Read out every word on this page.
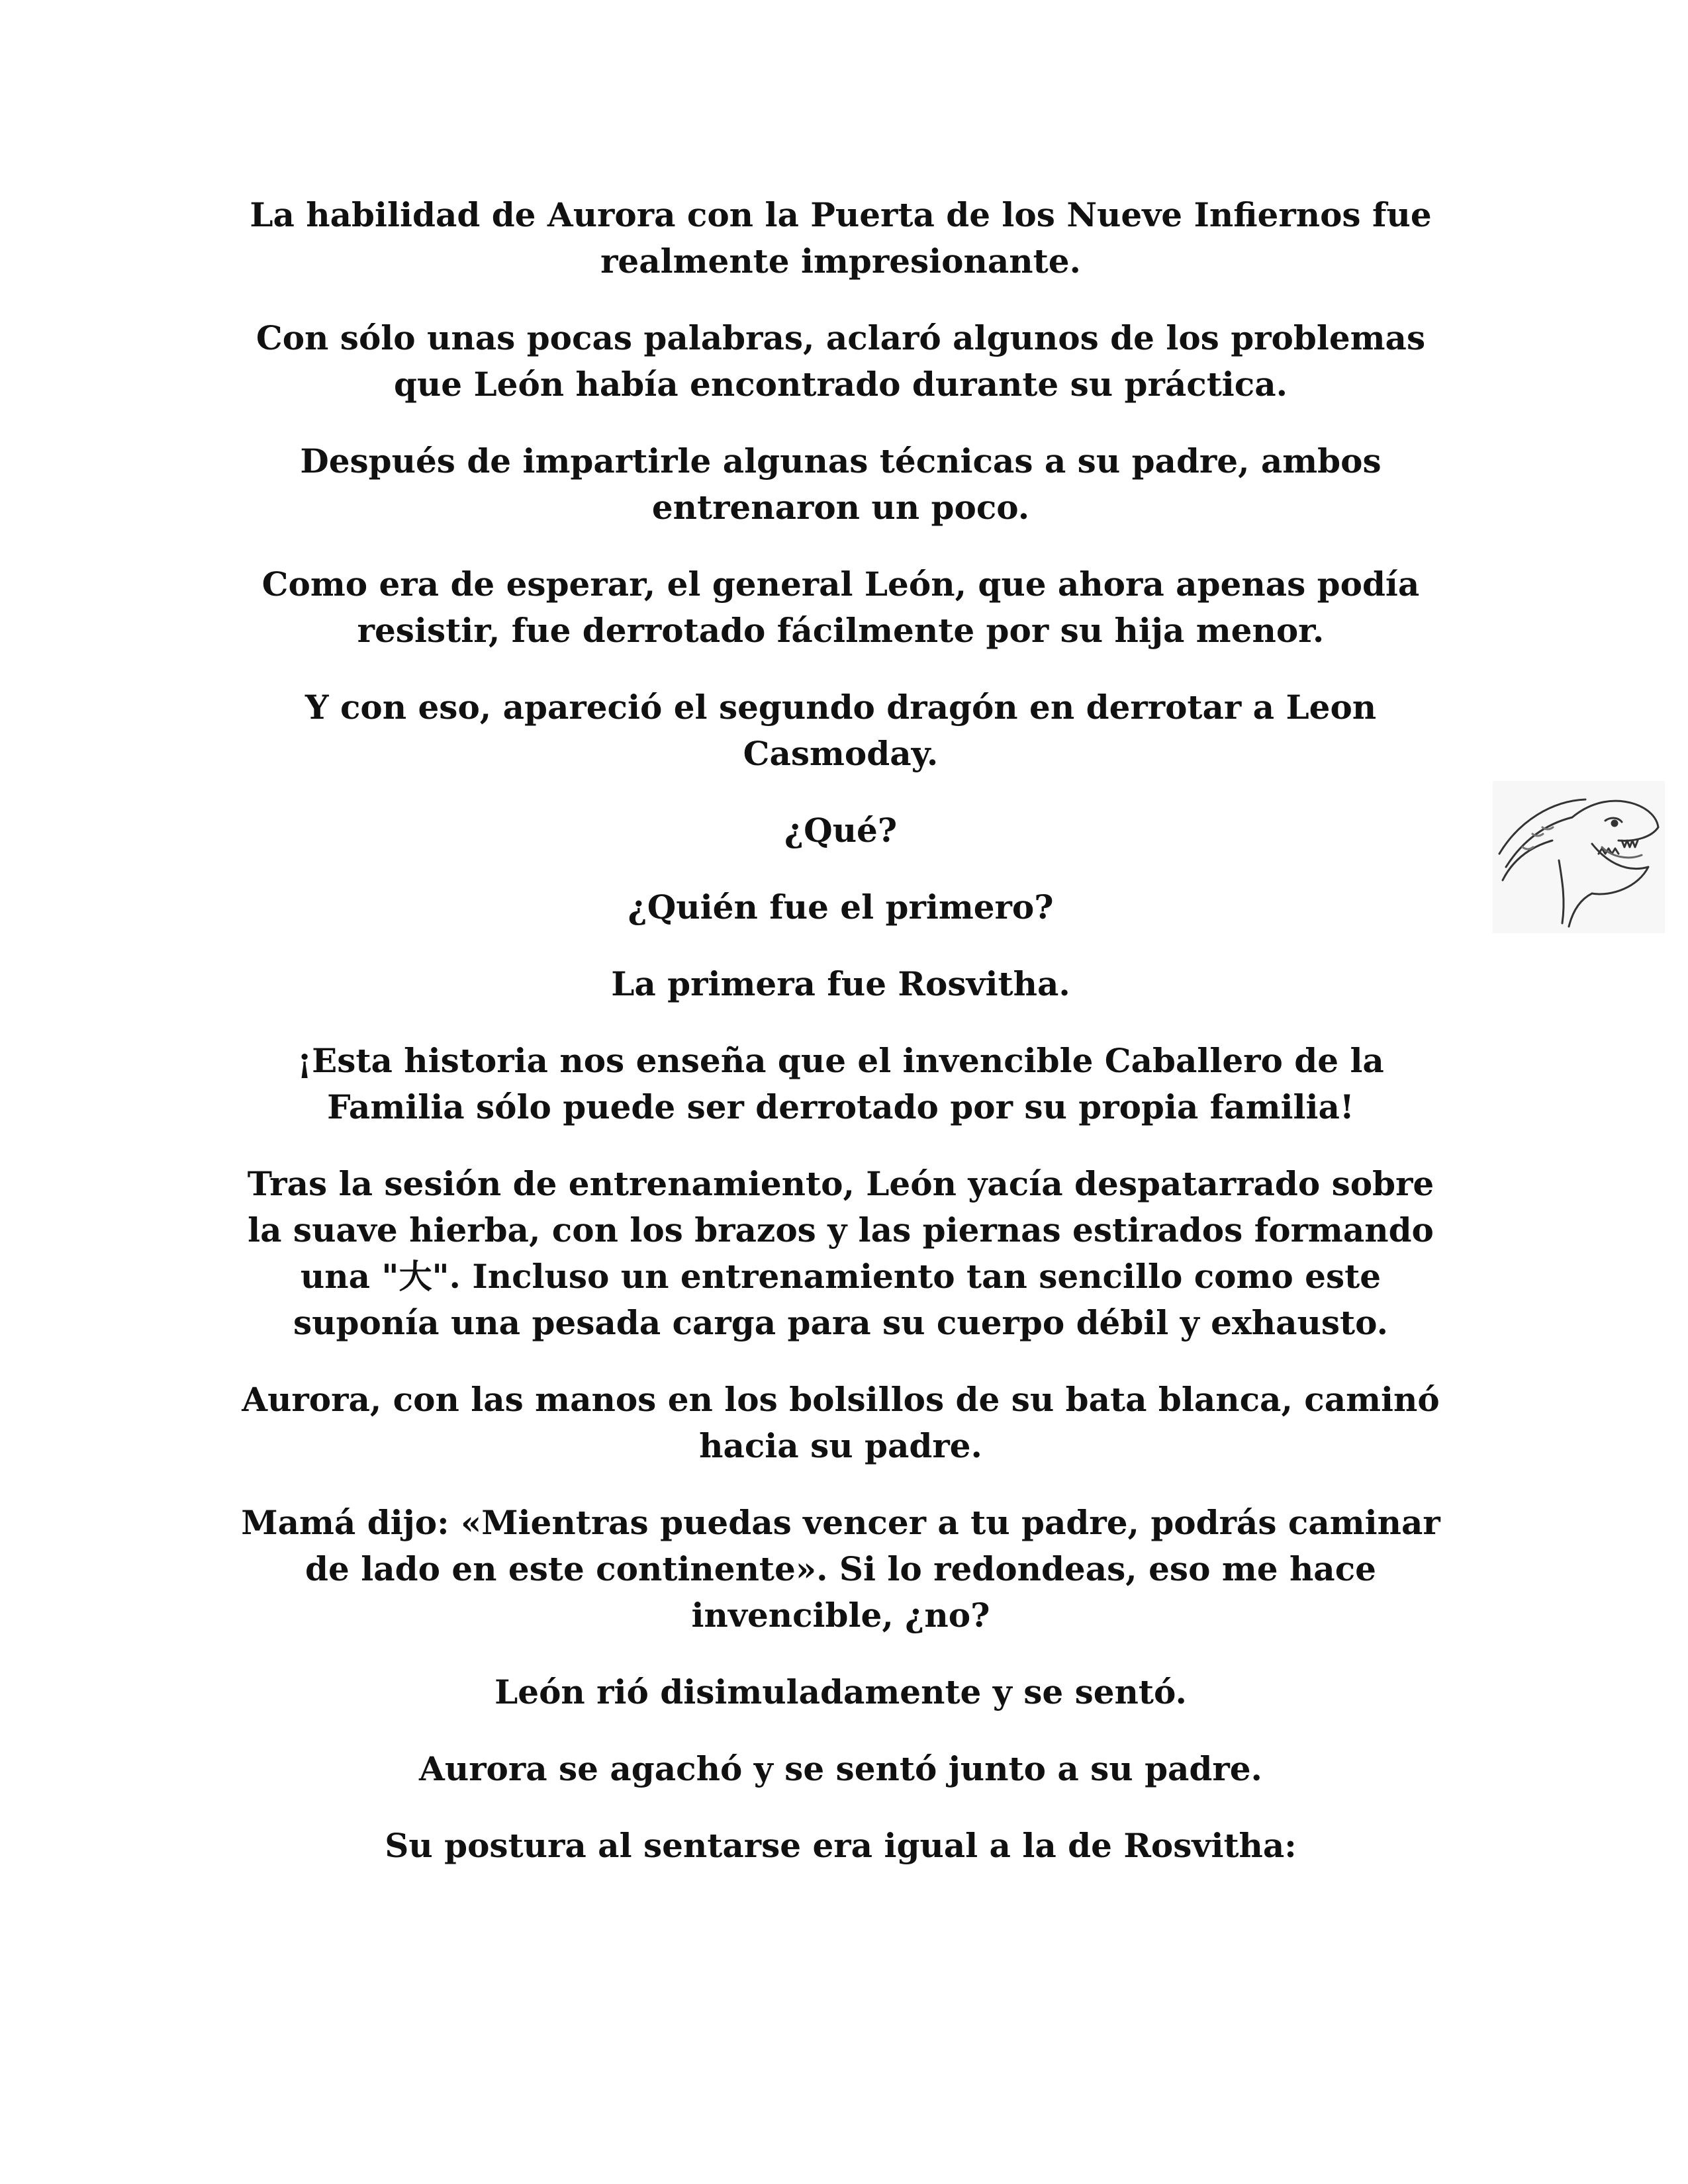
La habilidad de Aurora con la Puerta de los Nueve Infiernos fue realmente impresionante.

Con sólo unas pocas palabras, aclaró algunos de los problemas que León había encontrado durante su práctica.

Después de impartirle algunas técnicas a su padre, ambos entrenaron un poco.

Como era de esperar, el general León, que ahora apenas podía resistir, fue derrotado fácilmente por su hija menor.

Y con eso, apareció el segundo dragón en derrotar a Leon Casmoday.

¿Qué?

¿Quién fue el primero?

La primera fue Rosvitha.

¡Esta historia nos enseña que el invencible Caballero de la Familia sólo puede ser derrotado por su propia familia!

Tras la sesión de entrenamiento, León yacía despatarrado sobre la suave hierba, con los brazos y las piernas estirados formando una "大". Incluso un entrenamiento tan sencillo como este suponía una pesada carga para su cuerpo débil y exhausto.

Aurora, con las manos en los bolsillos de su bata blanca, caminó hacia su padre.

Mamá dijo: «Mientras puedas vencer a tu padre, podrás caminar de lado en este continente». Si lo redondeas, eso me hace invencible, ¿no?

León rió disimuladamente y se sentó.

Aurora se agachó y se sentó junto a su padre.

Su postura al sentarse era igual a la de Rosvitha:
